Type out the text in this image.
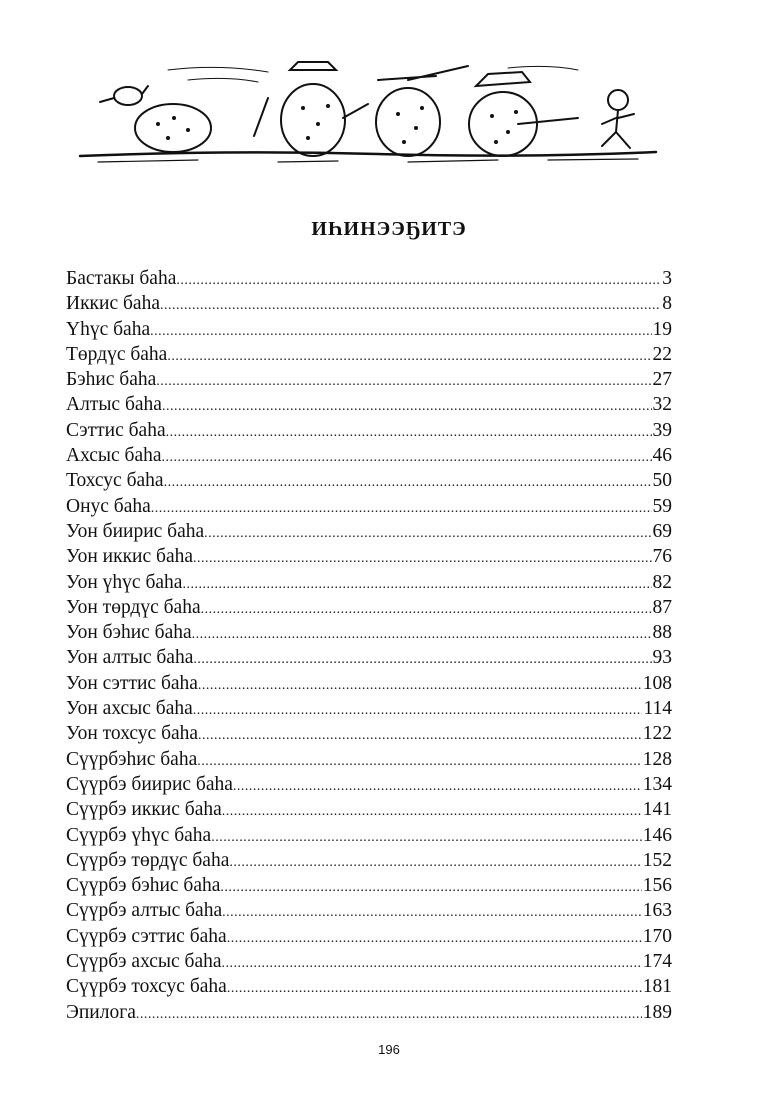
ИҺИНЭЭҔИТЭ
Бастакы баһа .....	3
Иккис баһа .....	8
Үһүс баһа .....	19
Төрдүс баһа .....	22
Бэһис баһа .....	27
Алтыс баһа .....	32
Сэттис баһа .....	39
Ахсыс баһа .....	46
Тохсус баһа .....	50
Онус баһа .....	59
Уон биирис баһа .....	69
Уон иккис баһа .....	76
Уон үһүс баһа .....	82
Уон төрдүс баһа .....	87
Уон бэһис баһа .....	88
Уон алтыс баһа .....	93
Уон сэттис баһа .....	108
Уон ахсыс баһа .....	114
Уон тохсус баһа .....	122
Сүүрбэһис баһа .....	128
Сүүрбэ биирис баһа .....	134
Сүүрбэ иккис баһа .....	141
Сүүрбэ үһүс баһа .....	146
Сүүрбэ төрдүс баһа .....	152
Сүүрбэ бэһис баһа .....	156
Сүүрбэ алтыс баһа .....	163
Сүүрбэ сэттис баһа .....	170
Сүүрбэ ахсыс баһа .....	174
Сүүрбэ тохсус баһа .....	181
Эпилога .....	189
196
